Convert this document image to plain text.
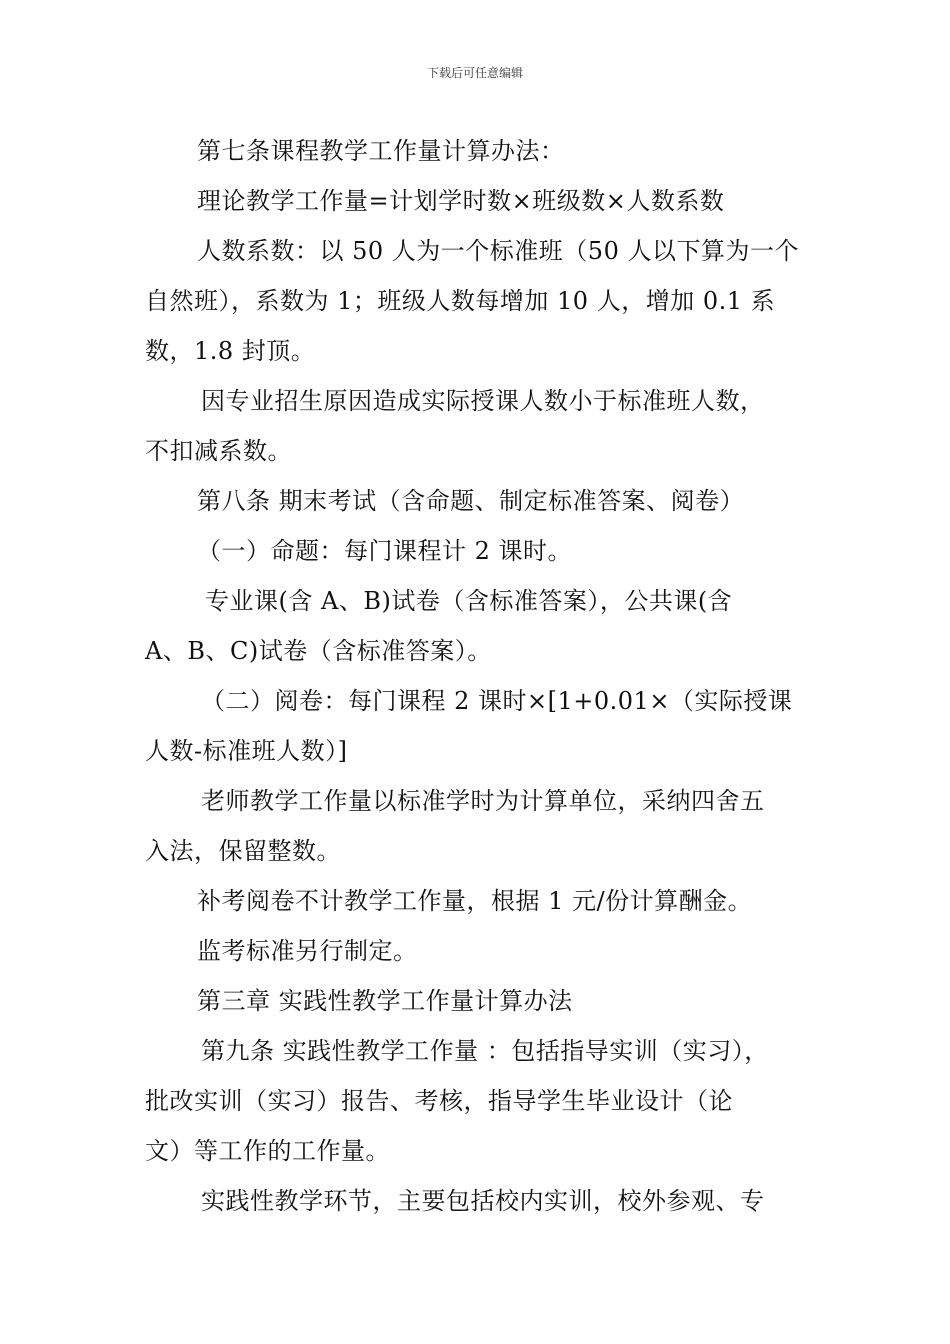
下载后可任意编辑
第七条课程教学工作量计算办法：
理论教学工作量=计划学时数×班级数×人数系数
人数系数：以 50 人为一个标准班（50 人以下算为一个
自然班），系数为 1；班级人数每增加 10 人，增加 0.1 系
数，1.8 封顶。
因专业招生原因造成实际授课人数小于标准班人数，
不扣减系数。
第八条 期末考试（含命题、制定标准答案、阅卷）
（一）命题：每门课程计 2 课时。
专业课(含 A、B)试卷（含标准答案），公共课(含
A、B、C)试卷（含标准答案）。
（二）阅卷：每门课程 2 课时×[1+0.01×（实际授课
人数-标准班人数）]
老师教学工作量以标准学时为计算单位，采纳四舍五
入法，保留整数。
补考阅卷不计教学工作量，根据 1 元/份计算酬金。
监考标准另行制定。
第三章 实践性教学工作量计算办法
第九条 实践性教学工作量 ：包括指导实训（实习），
批改实训（实习）报告、考核，指导学生毕业设计（论
文）等工作的工作量。
实践性教学环节，主要包括校内实训，校外参观、专
